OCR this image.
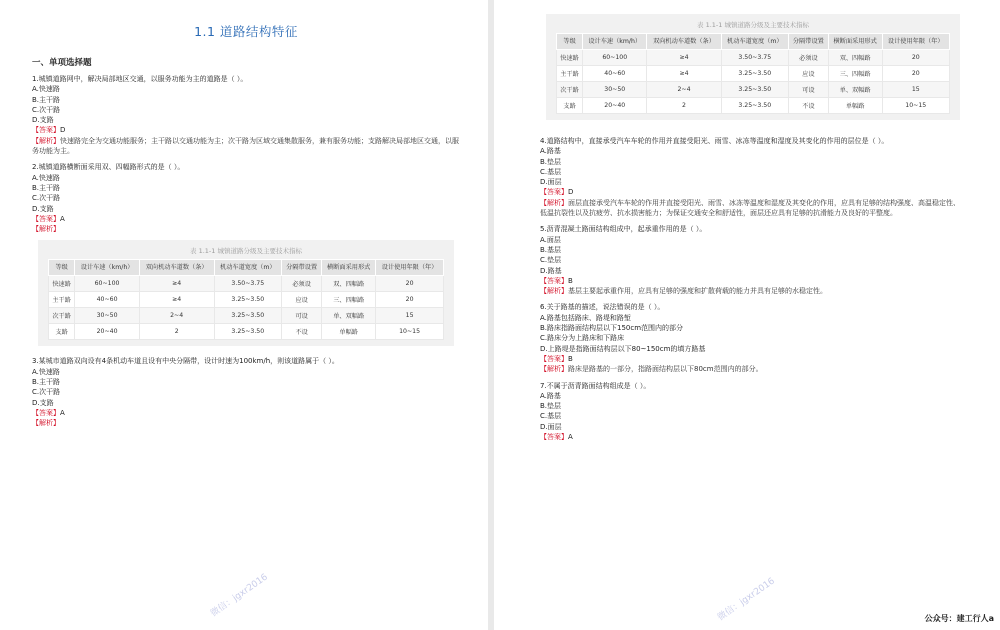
1.1 道路结构特征
一、单项选择题

1.城镇道路网中，解决局部地区交通，以服务功能为主的道路是（ ）。

A.快速路

B.主干路

C.次干路

D.支路

【答案】D

【解析】快速路完全为交通功能服务；主干路以交通功能为主；次干路为区域交通集散服务，兼有服务功能；支路解决局部地区交通，以服务功能为主。

2.城镇道路横断面采用双、四幅路形式的是（ ）。

A.快速路

B.主干路

C.次干路

D.支路

【答案】A

【解析】

表 1.1-1 城镇道路分级及主要技术指标
等级	设计车速（km/h）	双向机动车道数（条）	机动车道宽度（m）	分隔带设置	横断面采用形式	设计使用年限（年）
快速路	60~100	≥4	3.50~3.75	必须设	双、四幅路	20
主干路	40~60	≥4	3.25~3.50	应设	三、四幅路	20
次干路	30~50	2~4	3.25~3.50	可设	单、双幅路	15
支路	20~40	2	3.25~3.50	不设	单幅路	10~15

3.某城市道路双向设有4条机动车道且设有中央分隔带，设计时速为100km/h，则该道路属于（ ）。

A.快速路

B.主干路

C.次干路

D.支路

【答案】A

【解析】

微信：jgxr2016
表 1.1-1 城镇道路分级及主要技术指标
等级	设计车速（km/h）	双向机动车道数（条）	机动车道宽度（m）	分隔带设置	横断面采用形式	设计使用年限（年）
快速路	60~100	≥4	3.50~3.75	必须设	双、四幅路	20
主干路	40~60	≥4	3.25~3.50	应设	三、四幅路	20
次干路	30~50	2~4	3.25~3.50	可设	单、双幅路	15
支路	20~40	2	3.25~3.50	不设	单幅路	10~15

4.道路结构中，直接承受汽车车轮的作用并直接受阳光、雨雪、冰冻等温度和湿度及其变化的作用的层位是（ ）。

A.路基

B.垫层

C.基层

D.面层

【答案】D

【解析】面层直接承受汽车车轮的作用并直接受阳光、雨雪、冰冻等温度和湿度及其变化的作用，应具有足够的结构强度、高温稳定性、低温抗裂性以及抗疲劳、抗水损害能力；为保证交通安全和舒适性，面层还应具有足够的抗滑能力及良好的平整度。

5.沥青混凝土路面结构组成中，起承重作用的是（ ）。

A.面层

B.基层

C.垫层

D.路基

【答案】B

【解析】基层主要起承重作用，应具有足够的强度和扩散荷载的能力并具有足够的水稳定性。

6.关于路基的描述，说法错误的是（ ）。

A.路基包括路床、路堤和路堑

B.路床指路面结构层以下150cm范围内的部分

C.路床分为上路床和下路床

D.上路堤是指路面结构层以下80~150cm的填方路基

【答案】B

【解析】路床是路基的一部分，指路面结构层以下80cm范围内的部分。

7.不属于沥青路面结构组成是（ ）。

A.路基

B.垫层

C.基层

D.面层

【答案】A

微信：jgxr2016	公众号：建工行人a
